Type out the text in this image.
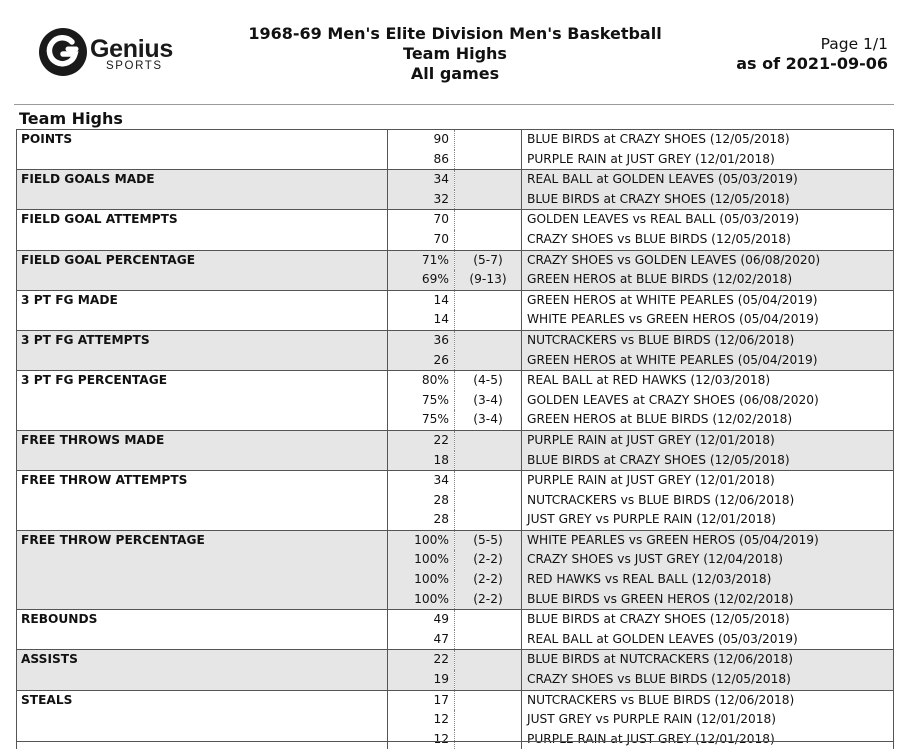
Genius
SPORTS
1968-69 Men's Elite Division Men's Basketball
Team Highs
All games
Page 1/1
as of 2021-09-06
Team Highs
POINTS	90		BLUE BIRDS at CRAZY SHOES (12/05/2018)
	86		PURPLE RAIN at JUST GREY (12/01/2018)
FIELD GOALS MADE	34		REAL BALL at GOLDEN LEAVES (05/03/2019)
	32		BLUE BIRDS at CRAZY SHOES (12/05/2018)
FIELD GOAL ATTEMPTS	70		GOLDEN LEAVES vs REAL BALL (05/03/2019)
	70		CRAZY SHOES vs BLUE BIRDS (12/05/2018)
FIELD GOAL PERCENTAGE	71%	(5-7)	CRAZY SHOES vs GOLDEN LEAVES (06/08/2020)
	69%	(9-13)	GREEN HEROS at BLUE BIRDS (12/02/2018)
3 PT FG MADE	14		GREEN HEROS at WHITE PEARLES (05/04/2019)
	14		WHITE PEARLES vs GREEN HEROS (05/04/2019)
3 PT FG ATTEMPTS	36		NUTCRACKERS vs BLUE BIRDS (12/06/2018)
	26		GREEN HEROS at WHITE PEARLES (05/04/2019)
3 PT FG PERCENTAGE	80%	(4-5)	REAL BALL at RED HAWKS (12/03/2018)
	75%	(3-4)	GOLDEN LEAVES at CRAZY SHOES (06/08/2020)
	75%	(3-4)	GREEN HEROS at BLUE BIRDS (12/02/2018)
FREE THROWS MADE	22		PURPLE RAIN at JUST GREY (12/01/2018)
	18		BLUE BIRDS at CRAZY SHOES (12/05/2018)
FREE THROW ATTEMPTS	34		PURPLE RAIN at JUST GREY (12/01/2018)
	28		NUTCRACKERS vs BLUE BIRDS (12/06/2018)
	28		JUST GREY vs PURPLE RAIN (12/01/2018)
FREE THROW PERCENTAGE	100%	(5-5)	WHITE PEARLES vs GREEN HEROS (05/04/2019)
	100%	(2-2)	CRAZY SHOES vs JUST GREY (12/04/2018)
	100%	(2-2)	RED HAWKS vs REAL BALL (12/03/2018)
	100%	(2-2)	BLUE BIRDS vs GREEN HEROS (12/02/2018)
REBOUNDS	49		BLUE BIRDS at CRAZY SHOES (12/05/2018)
	47		REAL BALL at GOLDEN LEAVES (05/03/2019)
ASSISTS	22		BLUE BIRDS at NUTCRACKERS (12/06/2018)
	19		CRAZY SHOES vs BLUE BIRDS (12/05/2018)
STEALS	17		NUTCRACKERS vs BLUE BIRDS (12/06/2018)
	12		JUST GREY vs PURPLE RAIN (12/01/2018)
	12		PURPLE RAIN at JUST GREY (12/01/2018)
